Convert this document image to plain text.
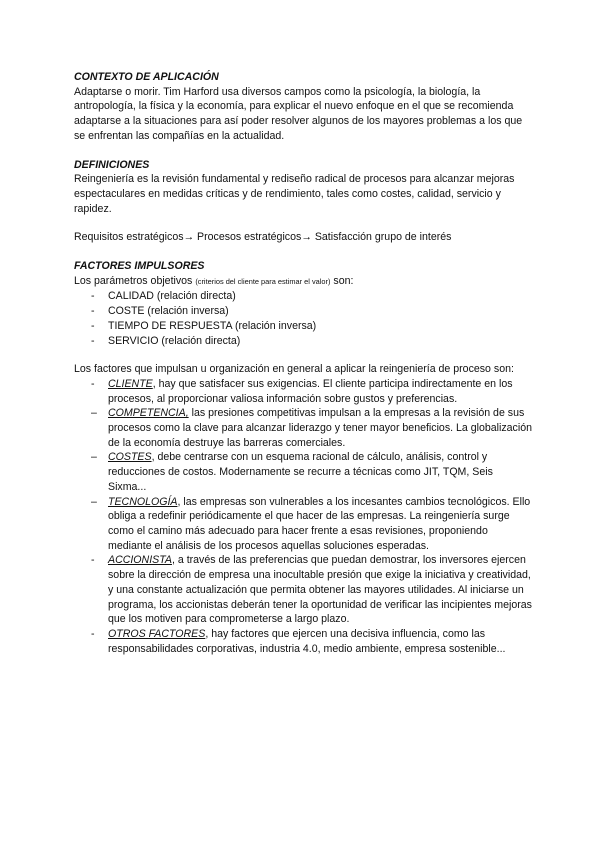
CONTEXTO DE APLICACIÓN

Adaptarse o morir. Tim Harford usa diversos campos como la psicología, la biología, la antropología, la física y la economía, para explicar el nuevo enfoque en el que se recomienda adaptarse a la situaciones para así poder resolver algunos de los mayores problemas a los que se enfrentan las compañías en la actualidad.

DEFINICIONES

Reingeniería es la revisión fundamental y rediseño radical de procesos para alcanzar mejoras espectaculares en medidas críticas y de rendimiento, tales como costes, calidad, servicio y rapidez.

Requisitos estratégicos→ Procesos estratégicos→ Satisfacción grupo de interés

FACTORES IMPULSORES

Los parámetros objetivos (criterios del cliente para estimar el valor) son:

- CALIDAD (relación directa)
- COSTE (relación inversa)
- TIEMPO DE RESPUESTA (relación inversa)
- SERVICIO (relación directa)

Los factores que impulsan u organización en general a aplicar la reingeniería de proceso son:

- CLIENTE, hay que satisfacer sus exigencias. El cliente participa indirectamente en los procesos, al proporcionar valiosa información sobre gustos y preferencias.
– COMPETENCIA, las presiones competitivas impulsan a la empresas a la revisión de sus procesos como la clave para alcanzar liderazgo y tener mayor beneficios. La globalización de la economía destruye las barreras comerciales.
– COSTES, debe centrarse con un esquema racional de cálculo, análisis, control y reducciones de costos. Modernamente se recurre a técnicas como JIT, TQM, Seis Sixma...
– TECNOLOGÍA, las empresas son vulnerables a los incesantes cambios tecnológicos. Ello obliga a redefinir periódicamente el que hacer de las empresas. La reingeniería surge como el camino más adecuado para hacer frente a esas revisiones, proponiendo mediante el análisis de los procesos aquellas soluciones esperadas.
- ACCIONISTA, a través de las preferencias que puedan demostrar, los inversores ejercen sobre la dirección de empresa una inocultable presión que exige la iniciativa y creatividad, y una constante actualización que permita obtener las mayores utilidades. Al iniciarse un programa, los accionistas deberán tener la oportunidad de verificar las incipientes mejoras que los motiven para comprometerse a largo plazo.
- OTROS FACTORES, hay factores que ejercen una decisiva influencia, como las responsabilidades corporativas, industria 4.0, medio ambiente, empresa sostenible...
